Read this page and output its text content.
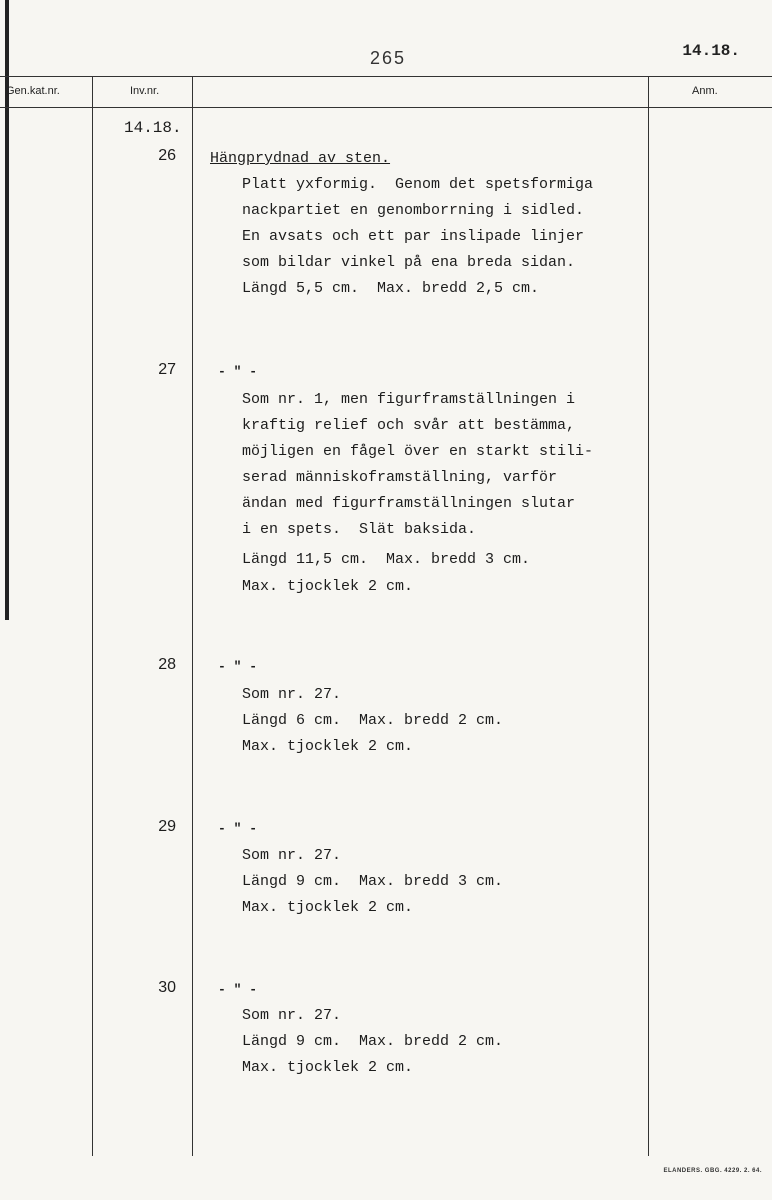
265	14.18.
Gen.kat.nr.	Inv.nr.	Anm.
14.18.
26 Hängprydnad av sten.
Platt yxformig.  Genom det spetsformiga
nackpartiet en genomborrning i sidled.
En avsats och ett par inslipade linjer
som bildar vinkel på ena breda sidan.
Längd 5,5 cm.  Max. bredd 2,5 cm.
27	- " -
Som nr. 1, men figurframställningen i
kraftig relief och svår att bestämma,
möjligen en fågel över en starkt stili-
serad människoframställning, varför
ändan med figurframställningen slutar
i en spets.  Slät baksida.
Längd 11,5 cm.  Max. bredd 3 cm.
Max. tjocklek 2 cm.
28	- " -
Som nr. 27.
Längd 6 cm.  Max. bredd 2 cm.
Max. tjocklek 2 cm.
29	- " -
Som nr. 27.
Längd 9 cm.  Max. bredd 3 cm.
Max. tjocklek 2 cm.
30	- " -
Som nr. 27.
Längd 9 cm.  Max. bredd 2 cm.
Max. tjocklek 2 cm.
ELANDERS. GBG. 4229. 2. 64.
